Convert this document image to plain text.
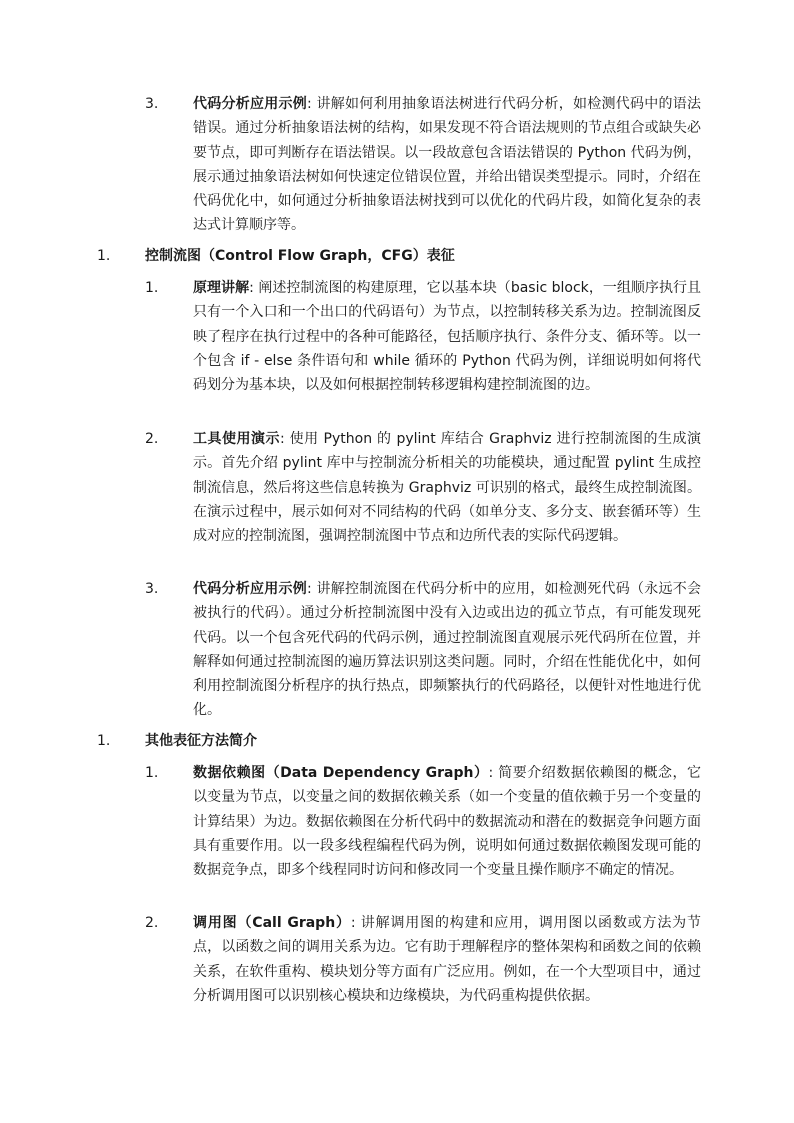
3. 代码分析应用示例: 讲解如何利用抽象语法树进行代码分析，如检测代码中的语法错误。通过分析抽象语法树的结构，如果发现不符合语法规则的节点组合或缺失必要节点，即可判断存在语法错误。以一段故意包含语法错误的 Python 代码为例，展示通过抽象语法树如何快速定位错误位置，并给出错误类型提示。同时，介绍在代码优化中，如何通过分析抽象语法树找到可以优化的代码片段，如简化复杂的表达式计算顺序等。
1. 控制流图（Control Flow Graph，CFG）表征
1. 原理讲解: 阐述控制流图的构建原理，它以基本块（basic block，一组顺序执行且只有一个入口和一个出口的代码语句）为节点，以控制转移关系为边。控制流图反映了程序在执行过程中的各种可能路径，包括顺序执行、条件分支、循环等。以一个包含 if - else 条件语句和 while 循环的 Python 代码为例，详细说明如何将代码划分为基本块，以及如何根据控制转移逻辑构建控制流图的边。
2. 工具使用演示: 使用 Python 的 pylint 库结合 Graphviz 进行控制流图的生成演示。首先介绍 pylint 库中与控制流分析相关的功能模块，通过配置 pylint 生成控制流信息，然后将这些信息转换为 Graphviz 可识别的格式，最终生成控制流图。在演示过程中，展示如何对不同结构的代码（如单分支、多分支、嵌套循环等）生成对应的控制流图，强调控制流图中节点和边所代表的实际代码逻辑。
3. 代码分析应用示例: 讲解控制流图在代码分析中的应用，如检测死代码（永远不会被执行的代码）。通过分析控制流图中没有入边或出边的孤立节点，有可能发现死代码。以一个包含死代码的代码示例，通过控制流图直观展示死代码所在位置，并解释如何通过控制流图的遍历算法识别这类问题。同时，介绍在性能优化中，如何利用控制流图分析程序的执行热点，即频繁执行的代码路径，以便针对性地进行优化。
1. 其他表征方法简介
1. 数据依赖图（Data Dependency Graph）: 简要介绍数据依赖图的概念，它以变量为节点，以变量之间的数据依赖关系（如一个变量的值依赖于另一个变量的计算结果）为边。数据依赖图在分析代码中的数据流动和潜在的数据竞争问题方面具有重要作用。以一段多线程编程代码为例，说明如何通过数据依赖图发现可能的数据竞争点，即多个线程同时访问和修改同一个变量且操作顺序不确定的情况。
2. 调用图（Call Graph）: 讲解调用图的构建和应用，调用图以函数或方法为节点，以函数之间的调用关系为边。它有助于理解程序的整体架构和函数之间的依赖关系，在软件重构、模块划分等方面有广泛应用。例如，在一个大型项目中，通过分析调用图可以识别核心模块和边缘模块，为代码重构提供依据。
